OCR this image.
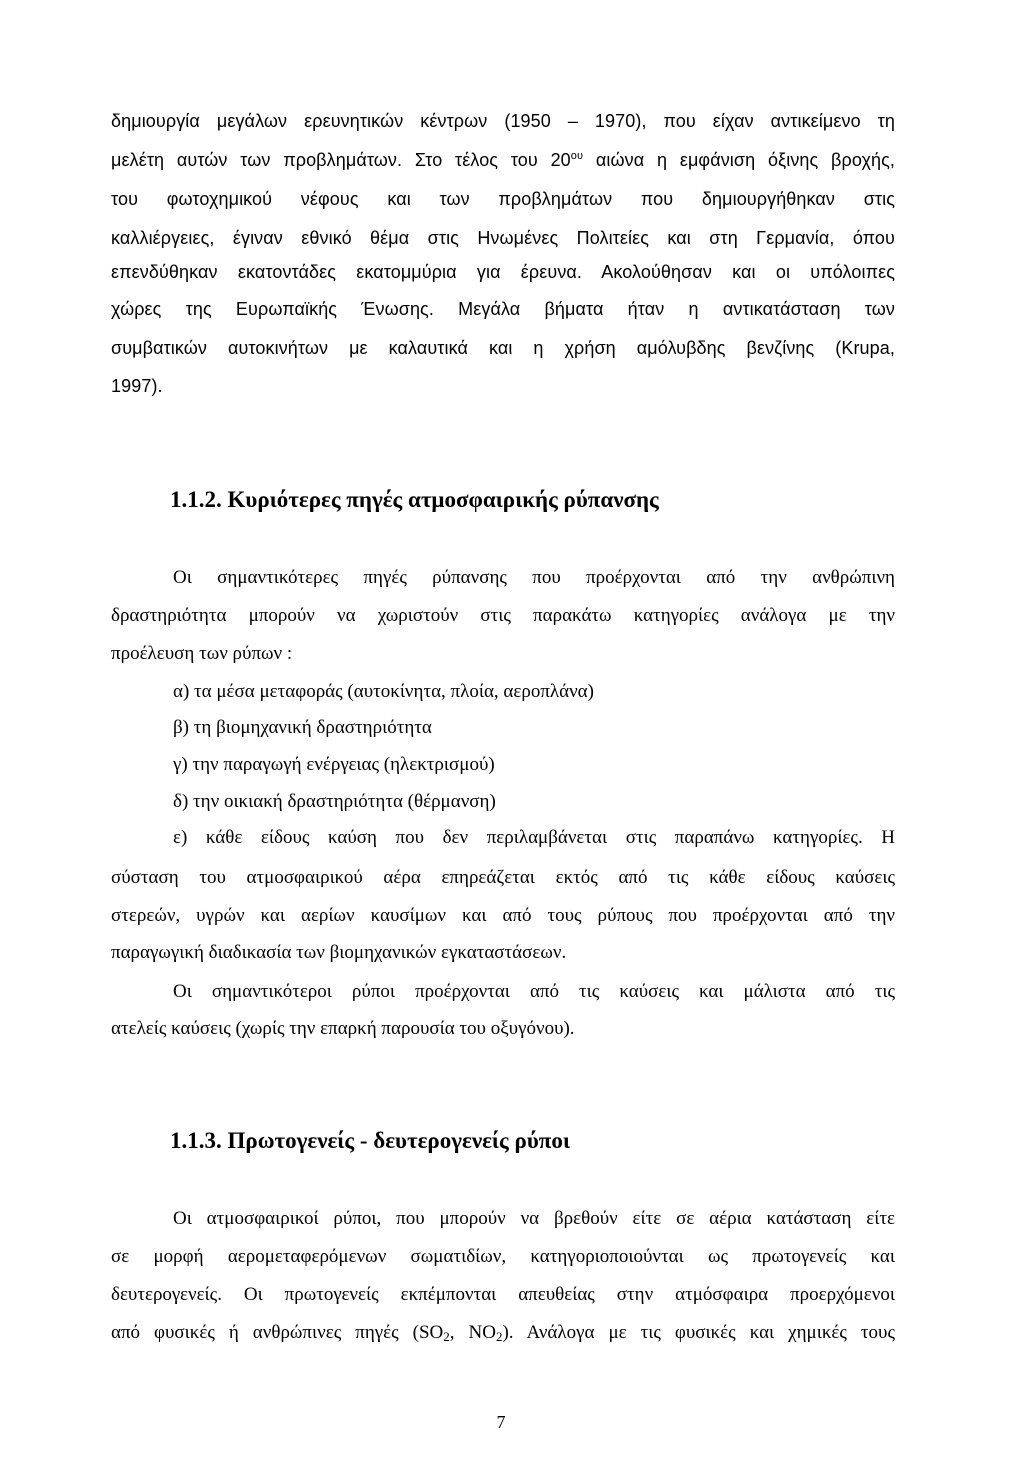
δημιουργία μεγάλων ερευνητικών κέντρων (1950 – 1970), που είχαν αντικείμενο τη
μελέτη αυτών των προβλημάτων. Στο τέλος του $20^{o\upsilon}$ αιώνα η εμφάνιση όξινης βροχής,
του φωτοχημικού νέφους και των προβλημάτων που δημιουργήθηκαν στις
καλλιέργειες, έγιναν εθνικό θέμα στις Ηνωμένες Πολιτείες και στη Γερμανία, όπου
επενδύθηκαν εκατοντάδες εκατομμύρια για έρευνα. Ακολούθησαν και οι υπόλοιπες
χώρες της Ευρωπαϊκής Ένωσης. Μεγάλα βήματα ήταν η αντικατάσταση των
συμβατικών αυτοκινήτων με καλαυτικά και η χρήση αμόλυβδης βενζίνης (Krupa,
1997).
1.1.2. Κυριότερες πηγές ατμοσφαιρικής ρύπανσης
Οι σημαντικότερες πηγές ρύπανσης που προέρχονται από την ανθρώπινη
δραστηριότητα μπορούν να χωριστούν στις παρακάτω κατηγορίες ανάλογα με την
προέλευση των ρύπων :
α) τα μέσα μεταφοράς (αυτοκίνητα, πλοία, αεροπλάνα)
β) τη βιομηχανική δραστηριότητα
γ) την παραγωγή ενέργειας (ηλεκτρισμού)
δ) την οικιακή δραστηριότητα (θέρμανση)
ε) κάθε είδους καύση που δεν περιλαμβάνεται στις παραπάνω κατηγορίες. Η
σύσταση του ατμοσφαιρικού αέρα επηρεάζεται εκτός από τις κάθε είδους καύσεις
στερεών, υγρών και αερίων καυσίμων και από τους ρύπους που προέρχονται από την
παραγωγική διαδικασία των βιομηχανικών εγκαταστάσεων.
Οι σημαντικότεροι ρύποι προέρχονται από τις καύσεις και μάλιστα από τις
ατελείς καύσεις (χωρίς την επαρκή παρουσία του οξυγόνου).
1.1.3. Πρωτογενείς - δευτερογενείς ρύποι
Οι ατμοσφαιρικοί ρύποι, που μπορούν να βρεθούν είτε σε αέρια κατάσταση είτε
σε μορφή αερομεταφερόμενων σωματιδίων, κατηγοριοποιούνται ως πρωτογενείς και
δευτερογενείς. Οι πρωτογενείς εκπέμπονται απευθείας στην ατμόσφαιρα προερχόμενοι
από φυσικές ή ανθρώπινες πηγές ($SO_2$, $NO_2$). Ανάλογα με τις φυσικές και χημικές τους
7
